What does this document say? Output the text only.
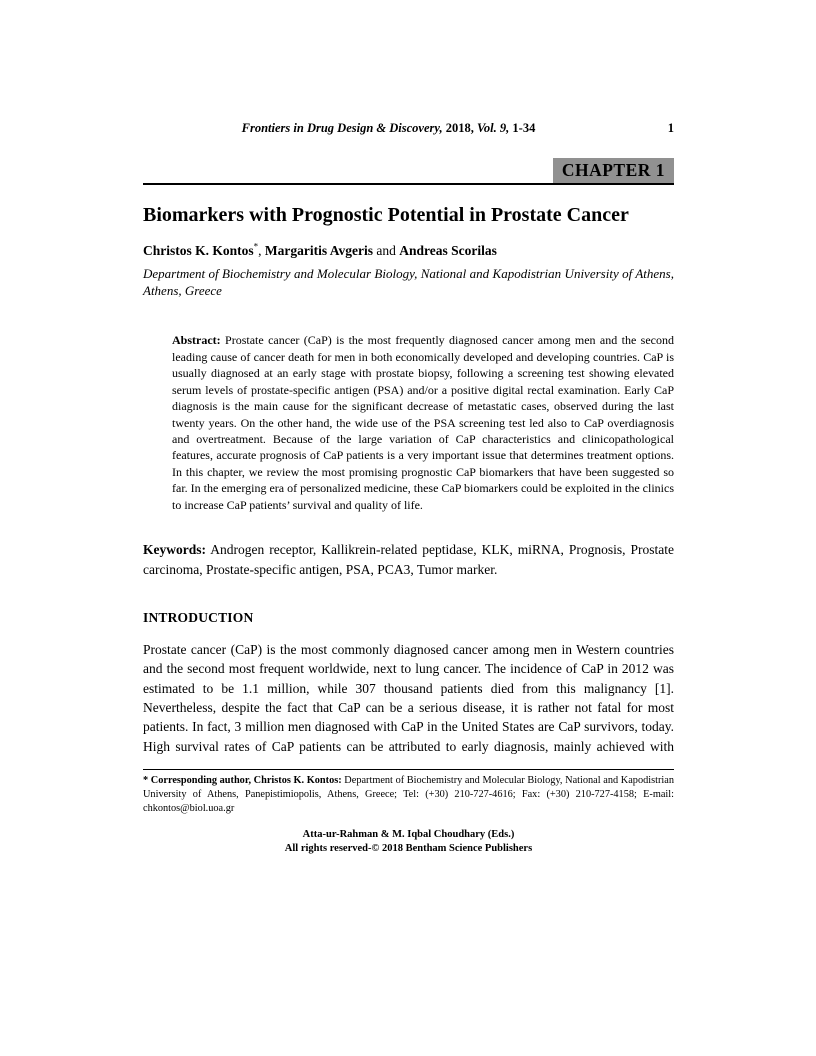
Frontiers in Drug Design & Discovery, 2018, Vol. 9, 1-34	1
CHAPTER 1
Biomarkers with Prognostic Potential in Prostate Cancer

Christos K. Kontos*, Margaritis Avgeris and Andreas Scorilas

Department of Biochemistry and Molecular Biology, National and Kapodistrian University of Athens, Athens, Greece

Abstract: Prostate cancer (CaP) is the most frequently diagnosed cancer among men and the second leading cause of cancer death for men in both economically developed and developing countries. CaP is usually diagnosed at an early stage with prostate biopsy, following a screening test showing elevated serum levels of prostate-specific antigen (PSA) and/or a positive digital rectal examination. Early CaP diagnosis is the main cause for the significant decrease of metastatic cases, observed during the last twenty years. On the other hand, the wide use of the PSA screening test led also to CaP overdiagnosis and overtreatment. Because of the large variation of CaP characteristics and clinicopathological features, accurate prognosis of CaP patients is a very important issue that determines treatment options. In this chapter, we review the most promising prognostic CaP biomarkers that have been suggested so far. In the emerging era of personalized medicine, these CaP biomarkers could be exploited in the clinics to increase CaP patients’ survival and quality of life.

Keywords: Androgen receptor, Kallikrein-related peptidase, KLK, miRNA, Prognosis, Prostate carcinoma, Prostate-specific antigen, PSA, PCA3, Tumor marker.

INTRODUCTION

Prostate cancer (CaP) is the most commonly diagnosed cancer among men in Western countries and the second most frequent worldwide, next to lung cancer. The incidence of CaP in 2012 was estimated to be 1.1 million, while 307 thousand patients died from this malignancy [1]. Nevertheless, despite the fact that CaP can be a serious disease, it is rather not fatal for most patients. In fact, 3 million men diagnosed with CaP in the United States are CaP survivors, today. High survival rates of CaP patients can be attributed to early diagnosis, mainly achieved with

* Corresponding author, Christos K. Kontos: Department of Biochemistry and Molecular Biology, National and Kapodistrian University of Athens, Panepistimiopolis, Athens, Greece; Tel: (+30) 210-727-4616; Fax: (+30) 210-727-4158; E-mail: chkontos@biol.uoa.gr
Atta-ur-Rahman & M. Iqbal Choudhary (Eds.)
All rights reserved-© 2018 Bentham Science Publishers
